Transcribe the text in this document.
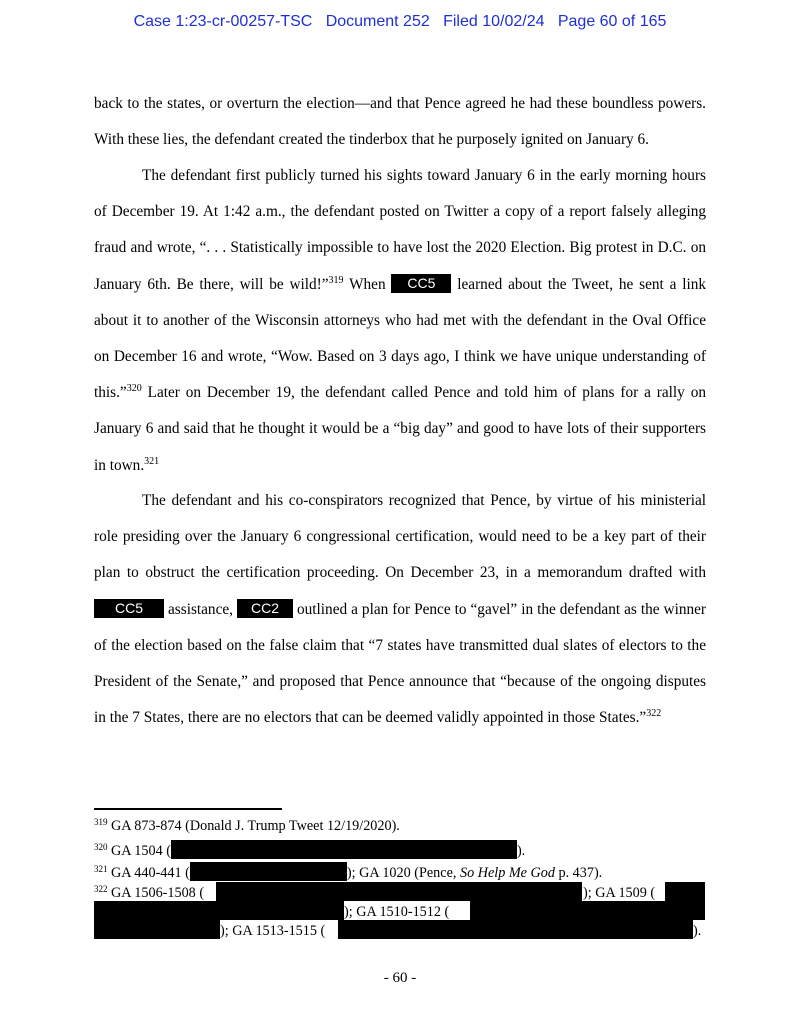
Case 1:23-cr-00257-TSC Document 252 Filed 10/02/24 Page 60 of 165
back to the states, or overturn the election—and that Pence agreed he had these boundless powers. With these lies, the defendant created the tinderbox that he purposely ignited on January 6.
The defendant first publicly turned his sights toward January 6 in the early morning hours of December 19. At 1:42 a.m., the defendant posted on Twitter a copy of a report falsely alleging fraud and wrote, “. . . Statistically impossible to have lost the 2020 Election. Big protest in D.C. on January 6th. Be there, will be wild!”$^{319}$ When CC5 learned about the Tweet, he sent a link about it to another of the Wisconsin attorneys who had met with the defendant in the Oval Office on December 16 and wrote, “Wow. Based on 3 days ago, I think we have unique understanding of this.”$^{320}$ Later on December 19, the defendant called Pence and told him of plans for a rally on January 6 and said that he thought it would be a “big day” and good to have lots of their supporters in town.$^{321}$
The defendant and his co-conspirators recognized that Pence, by virtue of his ministerial role presiding over the January 6 congressional certification, would need to be a key part of their plan to obstruct the certification proceeding. On December 23, in a memorandum drafted with CC5 assistance, CC2 outlined a plan for Pence to “gavel” in the defendant as the winner of the election based on the false claim that “7 states have transmitted dual slates of electors to the President of the Senate,” and proposed that Pence announce that “because of the ongoing disputes in the 7 States, there are no electors that can be deemed validly appointed in those States.”$^{322}$
$^{319}$ GA 873-874 (Donald J. Trump Tweet 12/19/2020).
$^{320}$ GA 1504 (	).
$^{321}$ GA 440-441 (	); GA 1020 (Pence, So Help Me God p. 437).
$^{322}$ GA 1506-1508 (	); GA 1509 (
); GA 1510-1512 (
); GA 1513-1515 (	).
- 60 -
